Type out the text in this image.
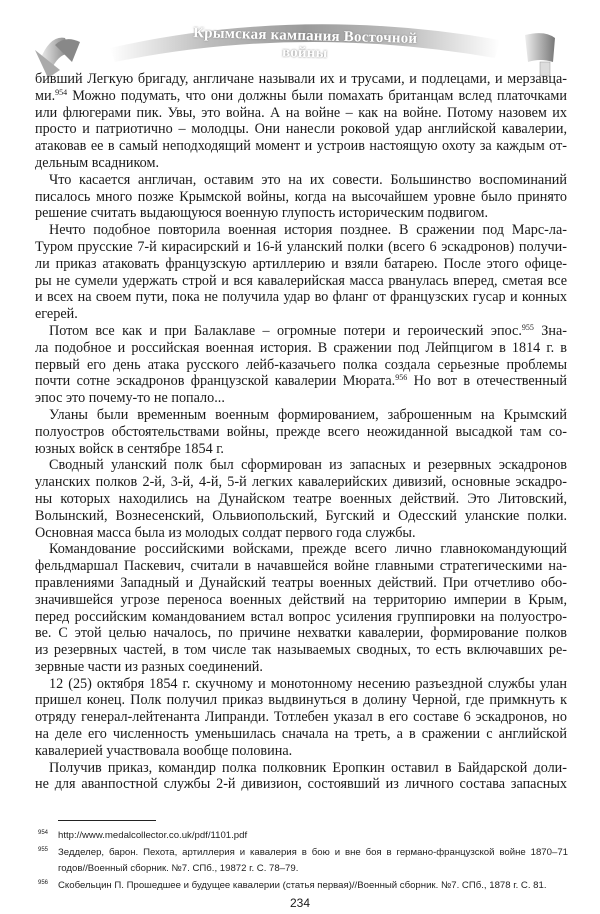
Крымская кампания Восточной войны
бивший Легкую бригаду, англичане называли их и трусами, и подлецами, и мерзавца-
ми.$^{954}$ Можно подумать, что они должны были помахать британцам вслед платочками
или флюгерами пик. Увы, это война. А на войне – как на войне. Потому назовем их
просто и патриотично – молодцы. Они нанесли роковой удар английской кавалерии,
атаковав ее в самый неподходящий момент и устроив настоящую охоту за каждым от-
дельным всадником.
Что касается англичан, оставим это на их совести. Большинство воспоминаний
писалось много позже Крымской войны, когда на высочайшем уровне было принято
решение считать выдающуюся военную глупость историческим подвигом.
Нечто подобное повторила военная история позднее. В сражении под Марс-ла-
Туром прусские 7-й кирасирский и 16-й уланский полки (всего 6 эскадронов) получи-
ли приказ атаковать французскую артиллерию и взяли батарею. После этого офице-
ры не сумели удержать строй и вся кавалерийская масса рванулась вперед, сметая все
и всех на своем пути, пока не получила удар во фланг от французских гусар и конных
егерей.
Потом все как и при Балаклаве – огромные потери и героический эпос.$^{955}$ Зна-
ла подобное и российская военная история. В сражении под Лейпцигом в 1814 г. в
первый его день атака русского лейб-казачьего полка создала серьезные проблемы
почти сотне эскадронов французской кавалерии Мюрата.$^{956}$ Но вот в отечественный
эпос это почему-то не попало...
Уланы были временным военным формированием, заброшенным на Крымский
полуостров обстоятельствами войны, прежде всего неожиданной высадкой там со-
юзных войск в сентябре 1854 г.
Сводный уланский полк был сформирован из запасных и резервных эскадронов
уланских полков 2-й, 3-й, 4-й, 5-й легких кавалерийских дивизий, основные эскадро-
ны которых находились на Дунайском театре военных действий. Это Литовский,
Волынский, Вознесенский, Ольвиопольский, Бугский и Одесский уланские полки.
Основная масса была из молодых солдат первого года службы.
Командование российскими войсками, прежде всего лично главнокомандующий
фельдмаршал Паскевич, считали в начавшейся войне главными стратегическими на-
правлениями Западный и Дунайский театры военных действий. При отчетливо обо-
значившейся угрозе переноса военных действий на территорию империи в Крым,
перед российским командованием встал вопрос усиления группировки на полуостро-
ве. С этой целью началось, по причине нехватки кавалерии, формирование полков
из резервных частей, в том числе так называемых сводных, то есть включавших ре-
зервные части из разных соединений.
12 (25) октября 1854 г. скучному и монотонному несению разъездной службы улан
пришел конец. Полк получил приказ выдвинуться в долину Черной, где примкнуть к
отряду генерал-лейтенанта Липранди. Тотлебен указал в его составе 6 эскадронов, но
на деле его численность уменьшилась сначала на треть, а в сражении с английской
кавалерией участвовала вообще половина.
Получив приказ, командир полка полковник Еропкин оставил в Байдарской доли-
не для аванпостной службы 2-й дивизион, состоявший из личного состава запасных
954 http://www.medalcollector.co.uk/pdf/1101.pdf
955 Зедделер, барон. Пехота, артиллерия и кавалерия в бою и вне боя в германо-французской войне 1870–71 годов//Военный сборник. №7. СПб., 19872 г. С. 78–79.
956 Скобельцин П. Прошедшее и будущее кавалерии (статья первая)//Военный сборник. №7. СПб., 1878 г. С. 81.
234
